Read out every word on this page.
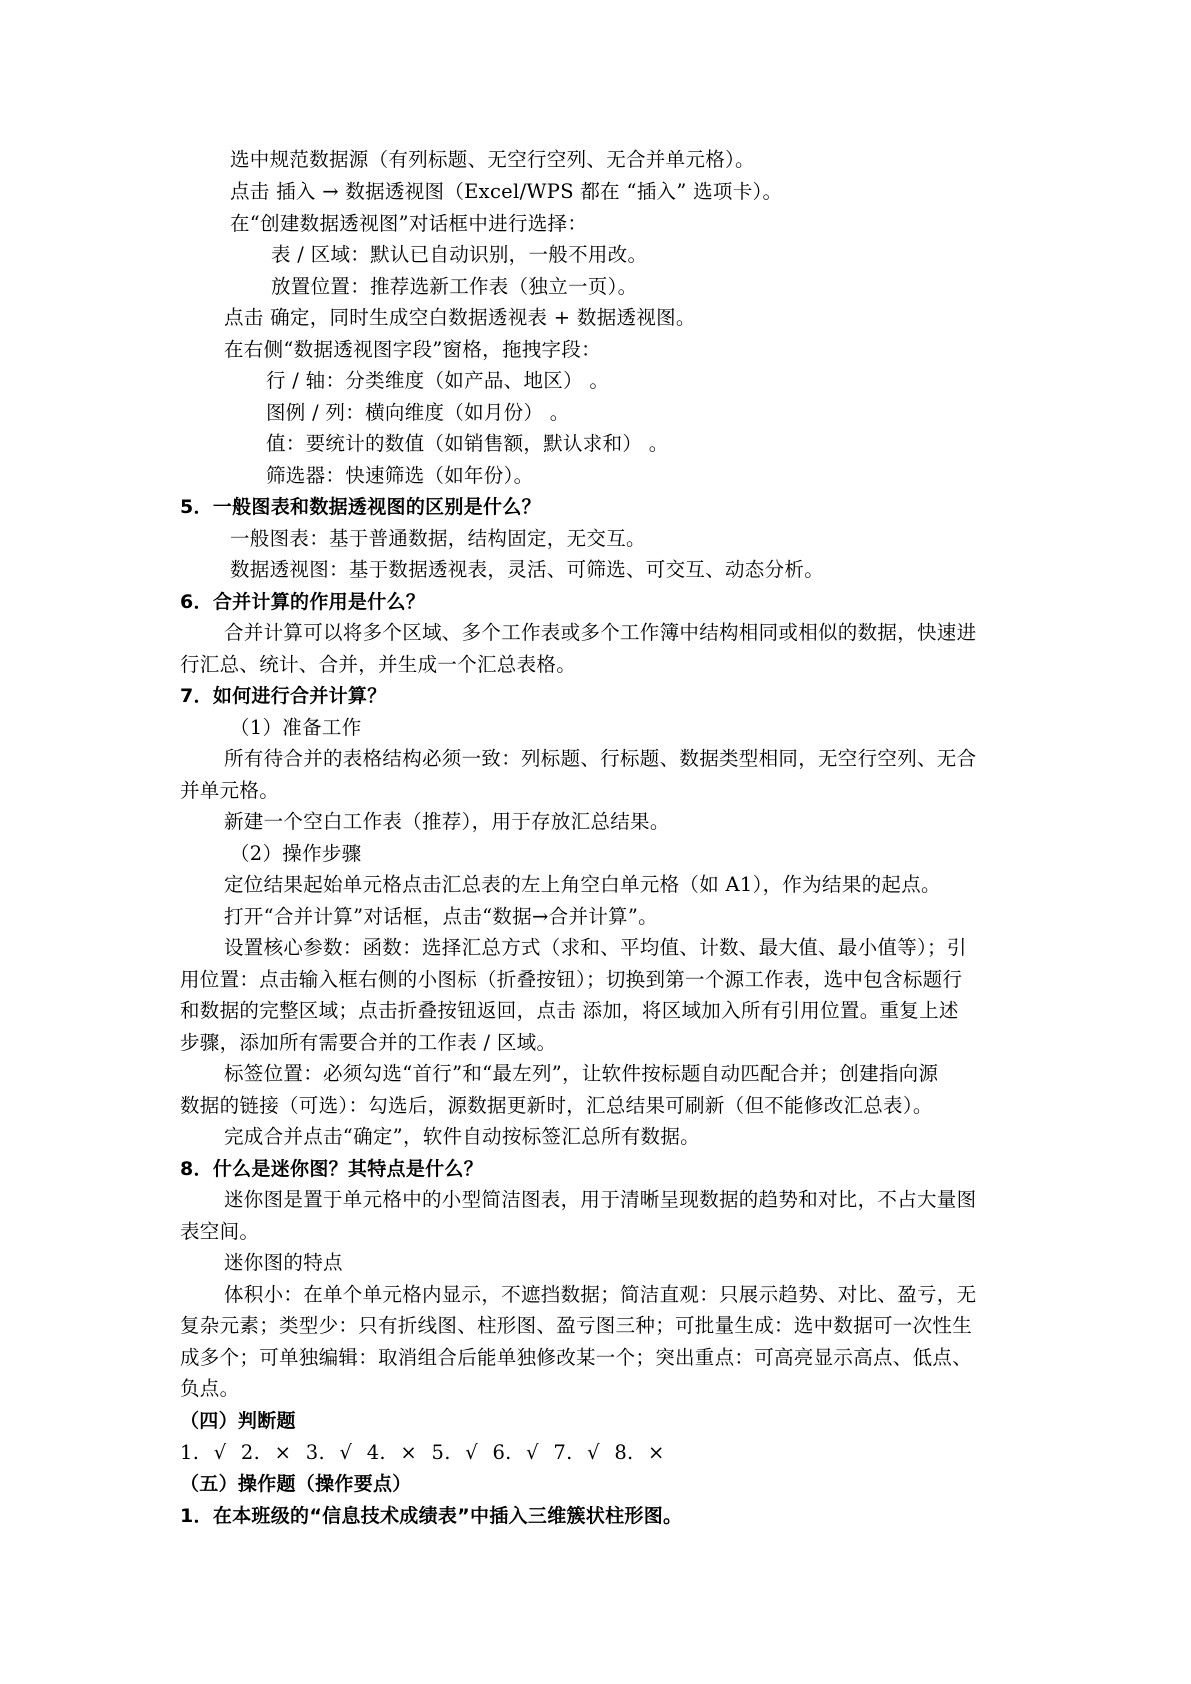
选中规范数据源（有列标题、无空行空列、无合并单元格）。
点击 插入 → 数据透视图（Excel/WPS 都在 “插入” 选项卡）。
在“创建数据透视图”对话框中进行选择：
表 / 区域：默认已自动识别，一般不用改。
放置位置：推荐选新工作表（独立一页）。
点击 确定，同时生成空白数据透视表 + 数据透视图。
在右侧“数据透视图字段”窗格，拖拽字段：
行 / 轴：分类维度（如产品、地区） 。
图例 / 列：横向维度（如月份） 。
值：要统计的数值（如销售额，默认求和） 。
筛选器：快速筛选（如年份）。
5．一般图表和数据透视图的区别是什么？
一般图表：基于普通数据，结构固定，无交互。
数据透视图：基于数据透视表，灵活、可筛选、可交互、动态分析。
6．合并计算的作用是什么？
合并计算可以将多个区域、多个工作表或多个工作簿中结构相同或相似的数据，快速进
行汇总、统计、合并，并生成一个汇总表格。
7．如何进行合并计算？
（1）准备工作
所有待合并的表格结构必须一致：列标题、行标题、数据类型相同，无空行空列、无合
并单元格。
新建一个空白工作表（推荐），用于存放汇总结果。
（2）操作步骤
定位结果起始单元格点击汇总表的左上角空白单元格（如 A1），作为结果的起点。
打开“合并计算”对话框，点击“数据→合并计算”。
设置核心参数：函数：选择汇总方式（求和、平均值、计数、最大值、最小值等）；引
用位置：点击输入框右侧的小图标（折叠按钮）；切换到第一个源工作表，选中包含标题行
和数据的完整区域；点击折叠按钮返回，点击 添加，将区域加入所有引用位置。重复上述
步骤，添加所有需要合并的工作表 / 区域。
标签位置：必须勾选“首行”和“最左列”，让软件按标题自动匹配合并；创建指向源
数据的链接（可选）：勾选后，源数据更新时，汇总结果可刷新（但不能修改汇总表）。
完成合并点击“确定”，软件自动按标签汇总所有数据。
8．什么是迷你图？其特点是什么？
迷你图是置于单元格中的小型简洁图表，用于清晰呈现数据的趋势和对比，不占大量图
表空间。
迷你图的特点
体积小：在单个单元格内显示，不遮挡数据；简洁直观：只展示趋势、对比、盈亏，无
复杂元素；类型少：只有折线图、柱形图、盈亏图三种；可批量生成：选中数据可一次性生
成多个；可单独编辑：取消组合后能单独修改某一个；突出重点：可高亮显示高点、低点、
负点。
（四）判断题
1. √ 2. × 3. √ 4. × 5. √ 6. √ 7. √ 8. ×
（五）操作题（操作要点）
1．在本班级的“信息技术成绩表”中插入三维簇状柱形图。
